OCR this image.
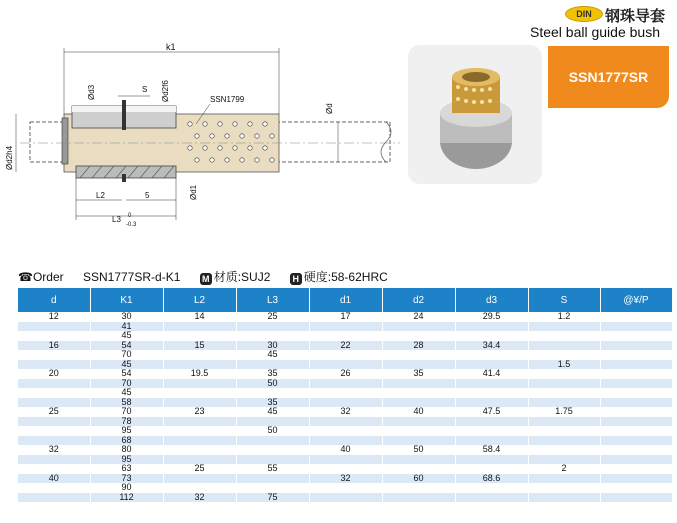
DIN 钢珠导套
Steel ball guide bush
k1
Ød3	S Ød2f6	SSN1799
Ød
Ød2h4
Ød1
L2	5
L3 0
-0.3
SSN1777SR
☎Order SSN1777SR-d-K1 M 材质:SUJ2 H 硬度:58-62HRC
d	K1	L2	L3	d1	d2	d3	S	@¥/P
12	30	14	25	17	24	29.5	1.2	
	41							
	45							
16	54	15	30	22	28	34.4		
	70		45					
	45						1.5	
20	54	19.5	35	26	35	41.4		
	70		50					
	45							
	58		35					
25	70	23	45	32	40	47.5	1.75	
	78							
	95		50					
	68							
32	80			40	50	58.4		
	95							
	63	25	55				2	
40	73			32	60	68.6		
	90							
	112	32	75					
